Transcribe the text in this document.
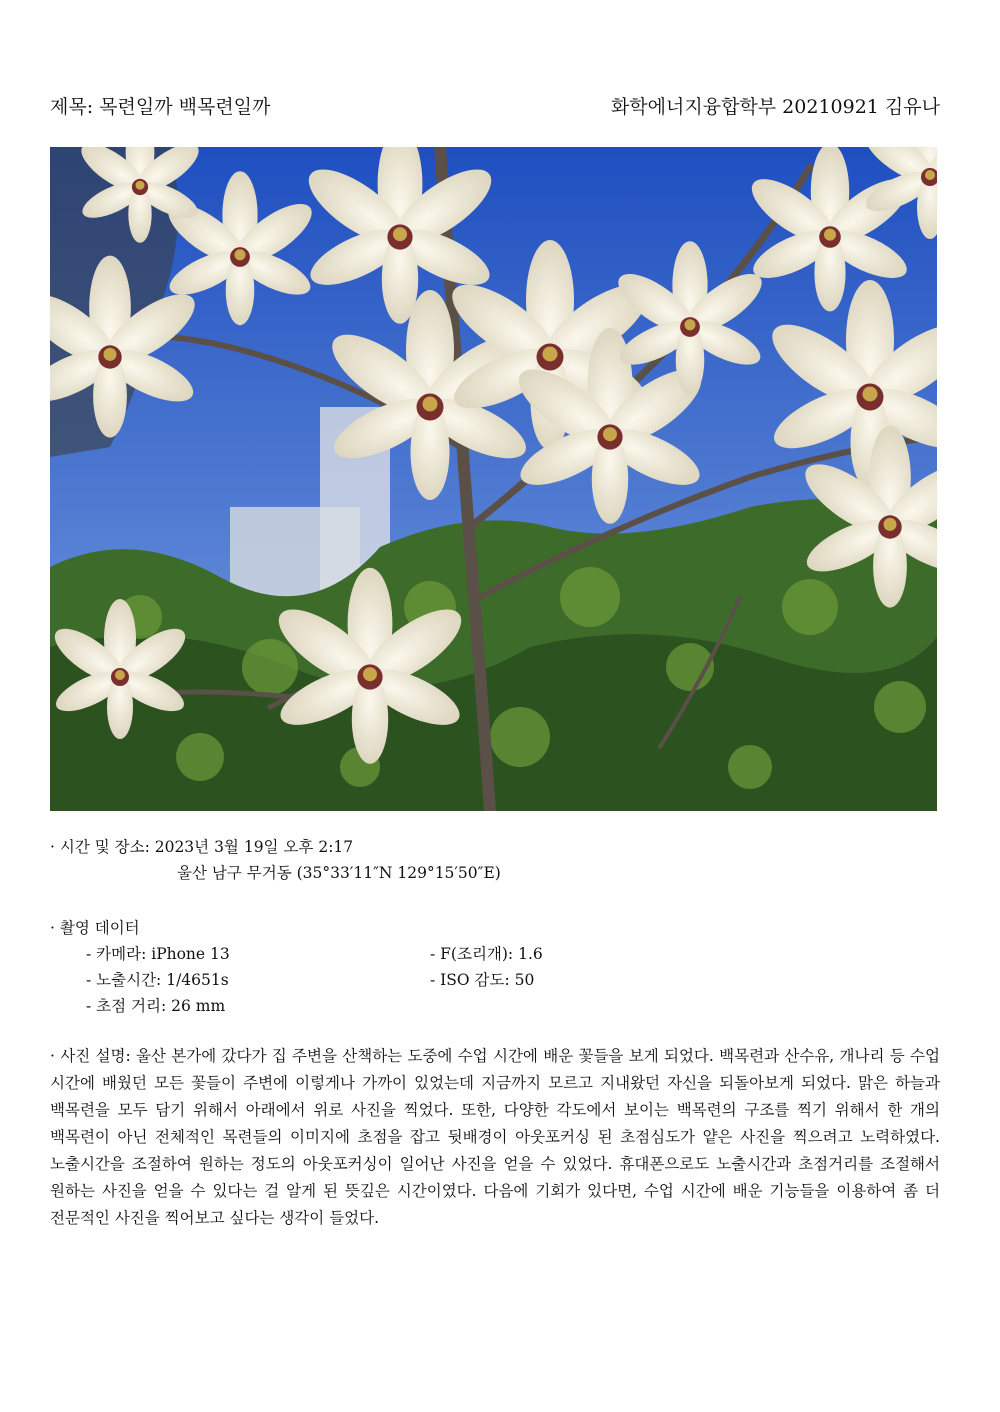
제목: 목련일까 백목련일까	화학에너지융합학부 20210921 김유나
· 시간 및 장소: 2023년 3월 19일 오후 2:17
울산 남구 무거동 (35°33′11″N 129°15′50″E)
· 촬영 데이터
- 카메라: iPhone 13	- F(조리개): 1.6
- 노출시간: 1/4651s	- ISO 감도: 50
- 초점 거리: 26 mm
· 사진 설명: 울산 본가에 갔다가 집 주변을 산책하는 도중에 수업 시간에 배운 꽃들을 보게 되었다. 백목련과 산수유, 개나리 등 수업 시간에 배웠던 모든 꽃들이 주변에 이렇게나 가까이 있었는데 지금까지 모르고 지내왔던 자신을 되돌아보게 되었다. 맑은 하늘과 백목련을 모두 담기 위해서 아래에서 위로 사진을 찍었다. 또한, 다양한 각도에서 보이는 백목련의 구조를 찍기 위해서 한 개의 백목련이 아닌 전체적인 목련들의 이미지에 초점을 잡고 뒷배경이 아웃포커싱 된 초점심도가 얕은 사진을 찍으려고 노력하였다. 노출시간을 조절하여 원하는 정도의 아웃포커싱이 일어난 사진을 얻을 수 있었다. 휴대폰으로도 노출시간과 초점거리를 조절해서 원하는 사진을 얻을 수 있다는 걸 알게 된 뜻깊은 시간이였다. 다음에 기회가 있다면, 수업 시간에 배운 기능들을 이용하여 좀 더 전문적인 사진을 찍어보고 싶다는 생각이 들었다.
